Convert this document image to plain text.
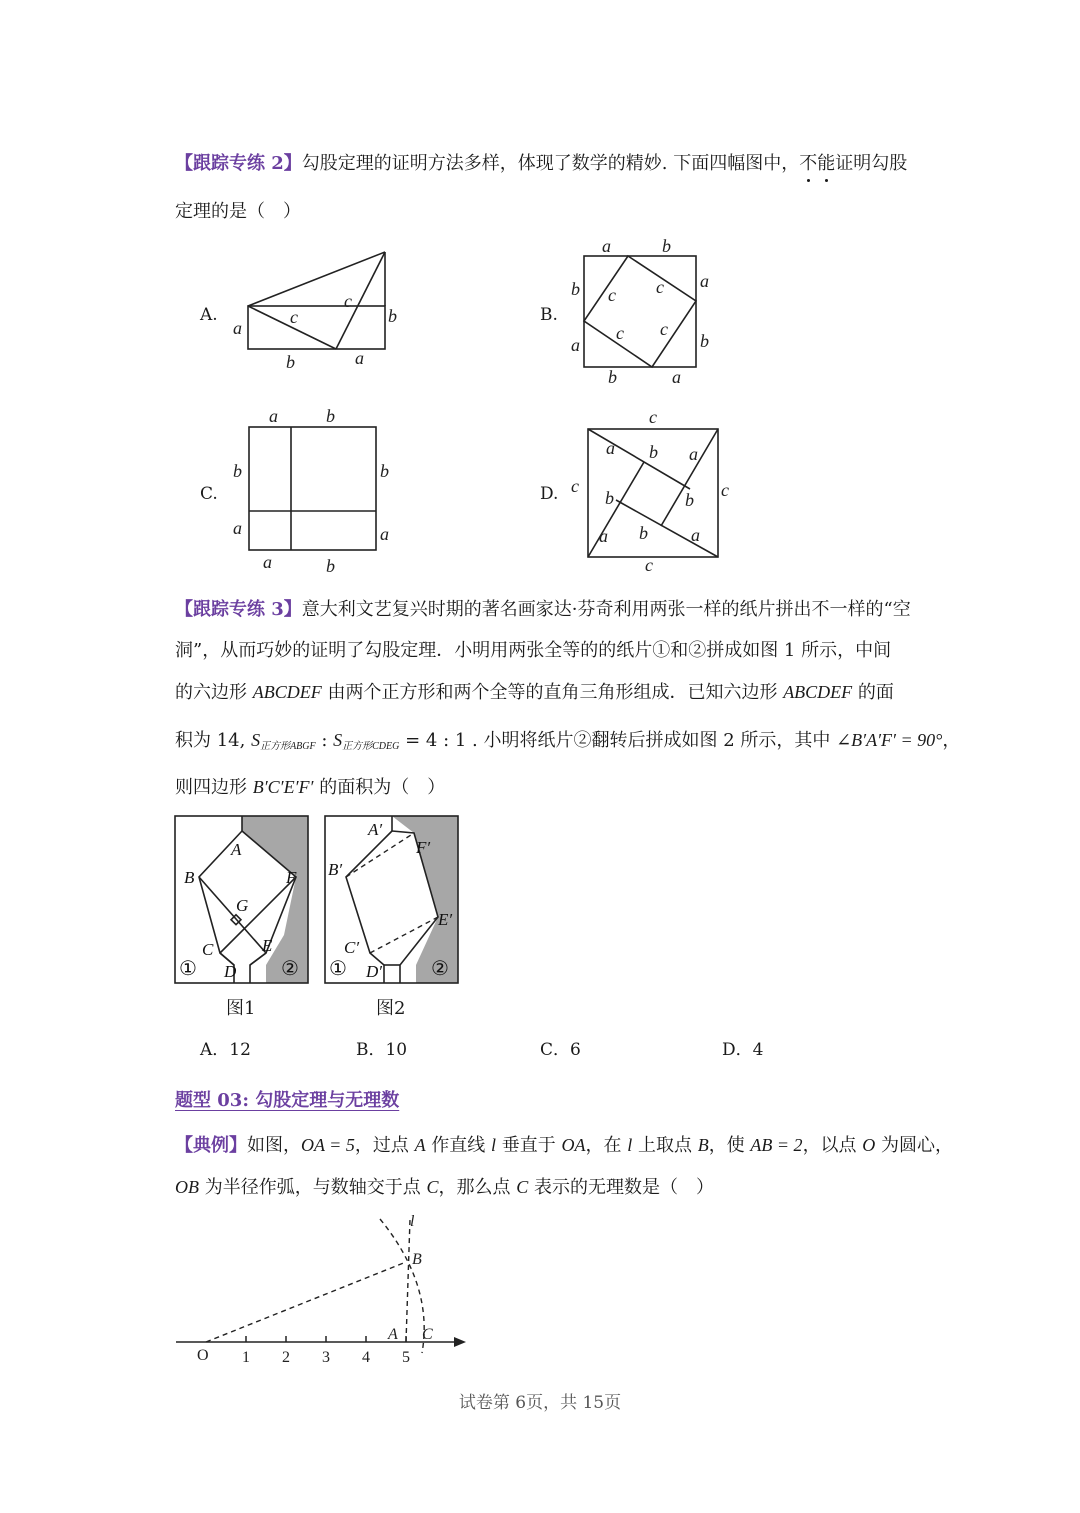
【跟踪专练 2】勾股定理的证明方法多样，体现了数学的精妙. 下面四幅图中，不能证明勾股
定理的是（　）
A.
a
c
c
b
b	a
B.
a	b
b
a
a
b
b	a
c c
c c
C.
a	b
b
a
b
a
a	b
D.
c
c	c
c
a b a
b	b
a b a
【跟踪专练 3】意大利文艺复兴时期的著名画家达·芬奇利用两张一样的纸片拼出不一样的“空
洞”，从而巧妙的证明了勾股定理．小明用两张全等的的纸片①和②拼成如图 1 所示，中间
的六边形 ABCDEF 由两个正方形和两个全等的直角三角形组成．已知六边形 ABCDEF 的面
积为 14, $S_{正方形ABGF}$ : $S_{正方形CDEG} = 4$ : 1 . 小明将纸片②翻转后拼成如图 2 所示，其中 ∠B′A′F′ = 90°，
则四边形 B′C′E′F′ 的面积为（　）
A
B	F
G
C	E
D
①	②
图1
A′
B′
F′
E′
C′
D′
①	②
图2
A．12	B．10	C．6	D．4
题型 03: 勾股定理与无理数
【典例】如图，OA = 5，过点 A 作直线 l 垂直于 OA，在 l 上取点 B，使 AB = 2，以点 O 为圆心，
OB 为半径作弧，与数轴交于点 C，那么点 C 表示的无理数是（　）
O 1 2 3 4 5
A
B
C
l
试卷第 6页，共 15页
